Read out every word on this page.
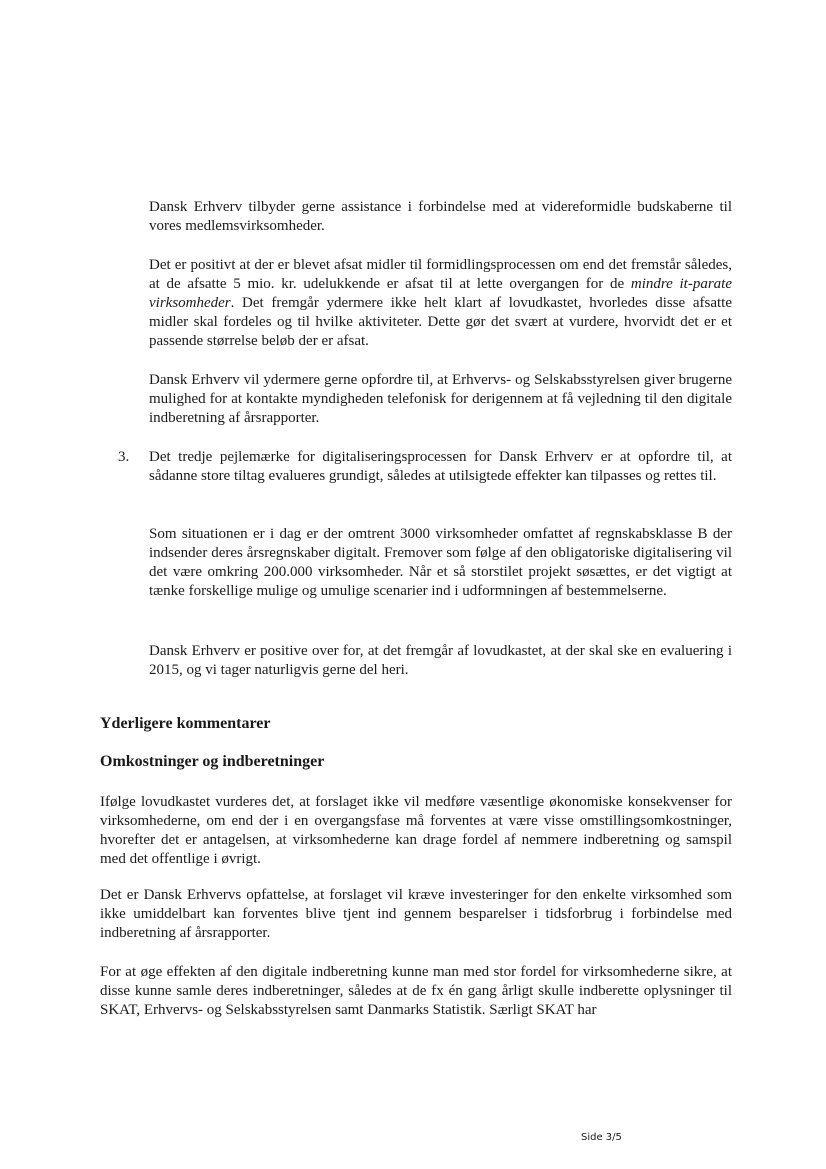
Dansk Erhverv tilbyder gerne assistance i forbindelse med at videreformidle budskaberne til vores medlemsvirksomheder.

Det er positivt at der er blevet afsat midler til formidlingsprocessen om end det fremstår således, at de afsatte 5 mio. kr. udelukkende er afsat til at lette overgangen for de mindre it-parate virksomheder. Det fremgår ydermere ikke helt klart af lovudkastet, hvorledes disse afsatte midler skal fordeles og til hvilke aktiviteter. Dette gør det svært at vurdere, hvorvidt det er et passende størrelse beløb der er afsat.

Dansk Erhverv vil ydermere gerne opfordre til, at Erhvervs- og Selskabsstyrelsen giver brugerne mulighed for at kontakte myndigheden telefonisk for derigennem at få vejledning til den digitale indberetning af årsrapporter.

3. Det tredje pejlemærke for digitaliseringsprocessen for Dansk Erhverv er at opfordre til, at sådanne store tiltag evalueres grundigt, således at utilsigtede effekter kan tilpasses og rettes til.

Som situationen er i dag er der omtrent 3000 virksomheder omfattet af regnskabsklasse B der indsender deres årsregnskaber digitalt. Fremover som følge af den obligatoriske digitalisering vil det være omkring 200.000 virksomheder. Når et så storstilet projekt søsættes, er det vigtigt at tænke forskellige mulige og umulige scenarier ind i udformningen af bestemmelserne.

Dansk Erhverv er positive over for, at det fremgår af lovudkastet, at der skal ske en evaluering i 2015, og vi tager naturligvis gerne del heri.

Yderligere kommentarer
Omkostninger og indberetninger

Ifølge lovudkastet vurderes det, at forslaget ikke vil medføre væsentlige økonomiske konsekvenser for virksomhederne, om end der i en overgangsfase må forventes at være visse omstillingsomkostninger, hvorefter det er antagelsen, at virksomhederne kan drage fordel af nemmere indberetning og samspil med det offentlige i øvrigt.

Det er Dansk Erhvervs opfattelse, at forslaget vil kræve investeringer for den enkelte virksomhed som ikke umiddelbart kan forventes blive tjent ind gennem besparelser i tidsforbrug i forbindelse med indberetning af årsrapporter.

For at øge effekten af den digitale indberetning kunne man med stor fordel for virksomhederne sikre, at disse kunne samle deres indberetninger, således at de fx én gang årligt skulle indberette oplysninger til SKAT, Erhvervs- og Selskabsstyrelsen samt Danmarks Statistik. Særligt SKAT har

Side 3/5
